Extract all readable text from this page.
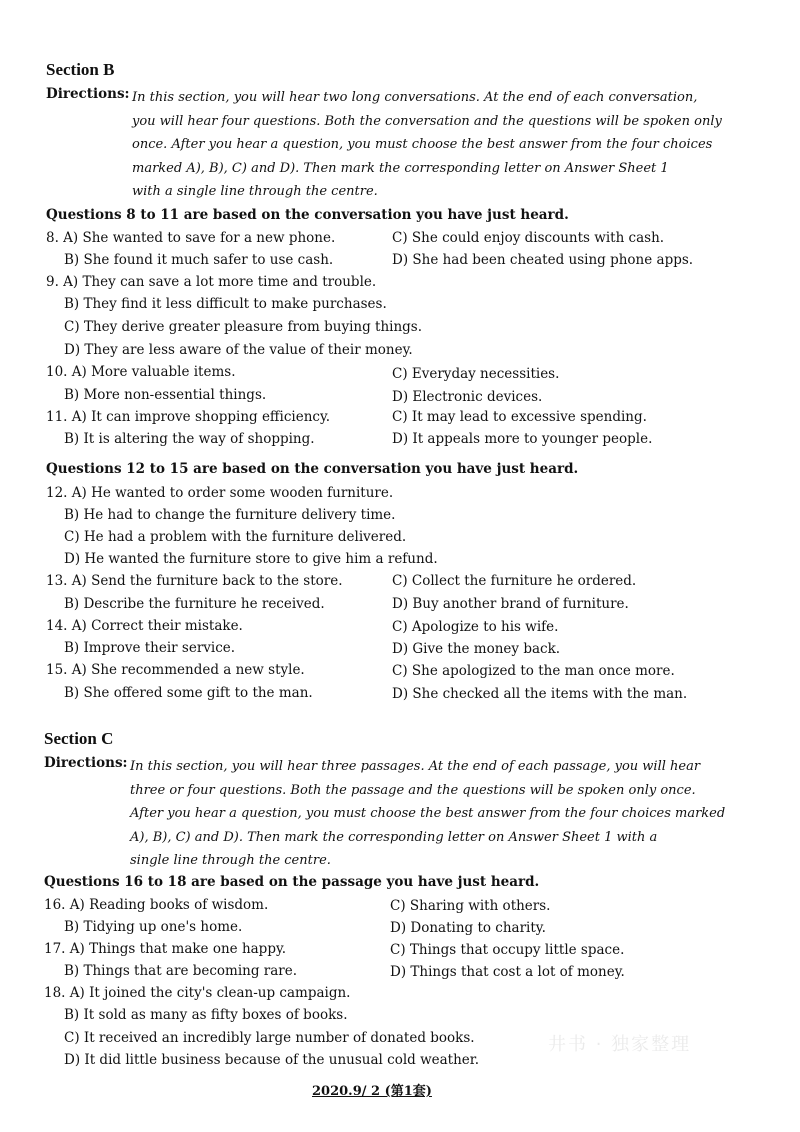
Section B
Directions: In this section, you will hear two long conversations. At the end of each conversation,
you will hear four questions. Both the conversation and the questions will be spoken only
once. After you hear a question, you must choose the best answer from the four choices
marked A), B), C) and D). Then mark the corresponding letter on Answer Sheet 1
with a single line through the centre.
Questions 8 to 11 are based on the conversation you have just heard.
8. A) She wanted to save for a new phone.	C) She could enjoy discounts with cash.
B) She found it much safer to use cash.	D) She had been cheated using phone apps.
9. A) They can save a lot more time and trouble.
B) They find it less difficult to make purchases.
C) They derive greater pleasure from buying things.
D) They are less aware of the value of their money.
10. A) More valuable items.	C) Everyday necessities.
B) More non-essential things.	D) Electronic devices.
11. A) It can improve shopping efficiency.	C) It may lead to excessive spending.
B) It is altering the way of shopping.	D) It appeals more to younger people.
Questions 12 to 15 are based on the conversation you have just heard.
12. A) He wanted to order some wooden furniture.
B) He had to change the furniture delivery time.
C) He had a problem with the furniture delivered.
D) He wanted the furniture store to give him a refund.
13. A) Send the furniture back to the store.	C) Collect the furniture he ordered.
B) Describe the furniture he received.	D) Buy another brand of furniture.
14. A) Correct their mistake.	C) Apologize to his wife.
B) Improve their service.	D) Give the money back.
15. A) She recommended a new style.	C) She apologized to the man once more.
B) She offered some gift to the man.	D) She checked all the items with the man.
Section C
Directions: In this section, you will hear three passages. At the end of each passage, you will hear
three or four questions. Both the passage and the questions will be spoken only once.
After you hear a question, you must choose the best answer from the four choices marked
A), B), C) and D). Then mark the corresponding letter on Answer Sheet 1 with a
single line through the centre.
Questions 16 to 18 are based on the passage you have just heard.
16. A) Reading books of wisdom.	C) Sharing with others.
B) Tidying up one's home.	D) Donating to charity.
17. A) Things that make one happy.	C) Things that occupy little space.
B) Things that are becoming rare.	D) Things that cost a lot of money.
18. A) It joined the city's clean-up campaign.
B) It sold as many as fifty boxes of books.
C) It received an incredibly large number of donated books.
D) It did little business because of the unusual cold weather.
井书 · 独家整理
2020.9/ 2 (第1套)
